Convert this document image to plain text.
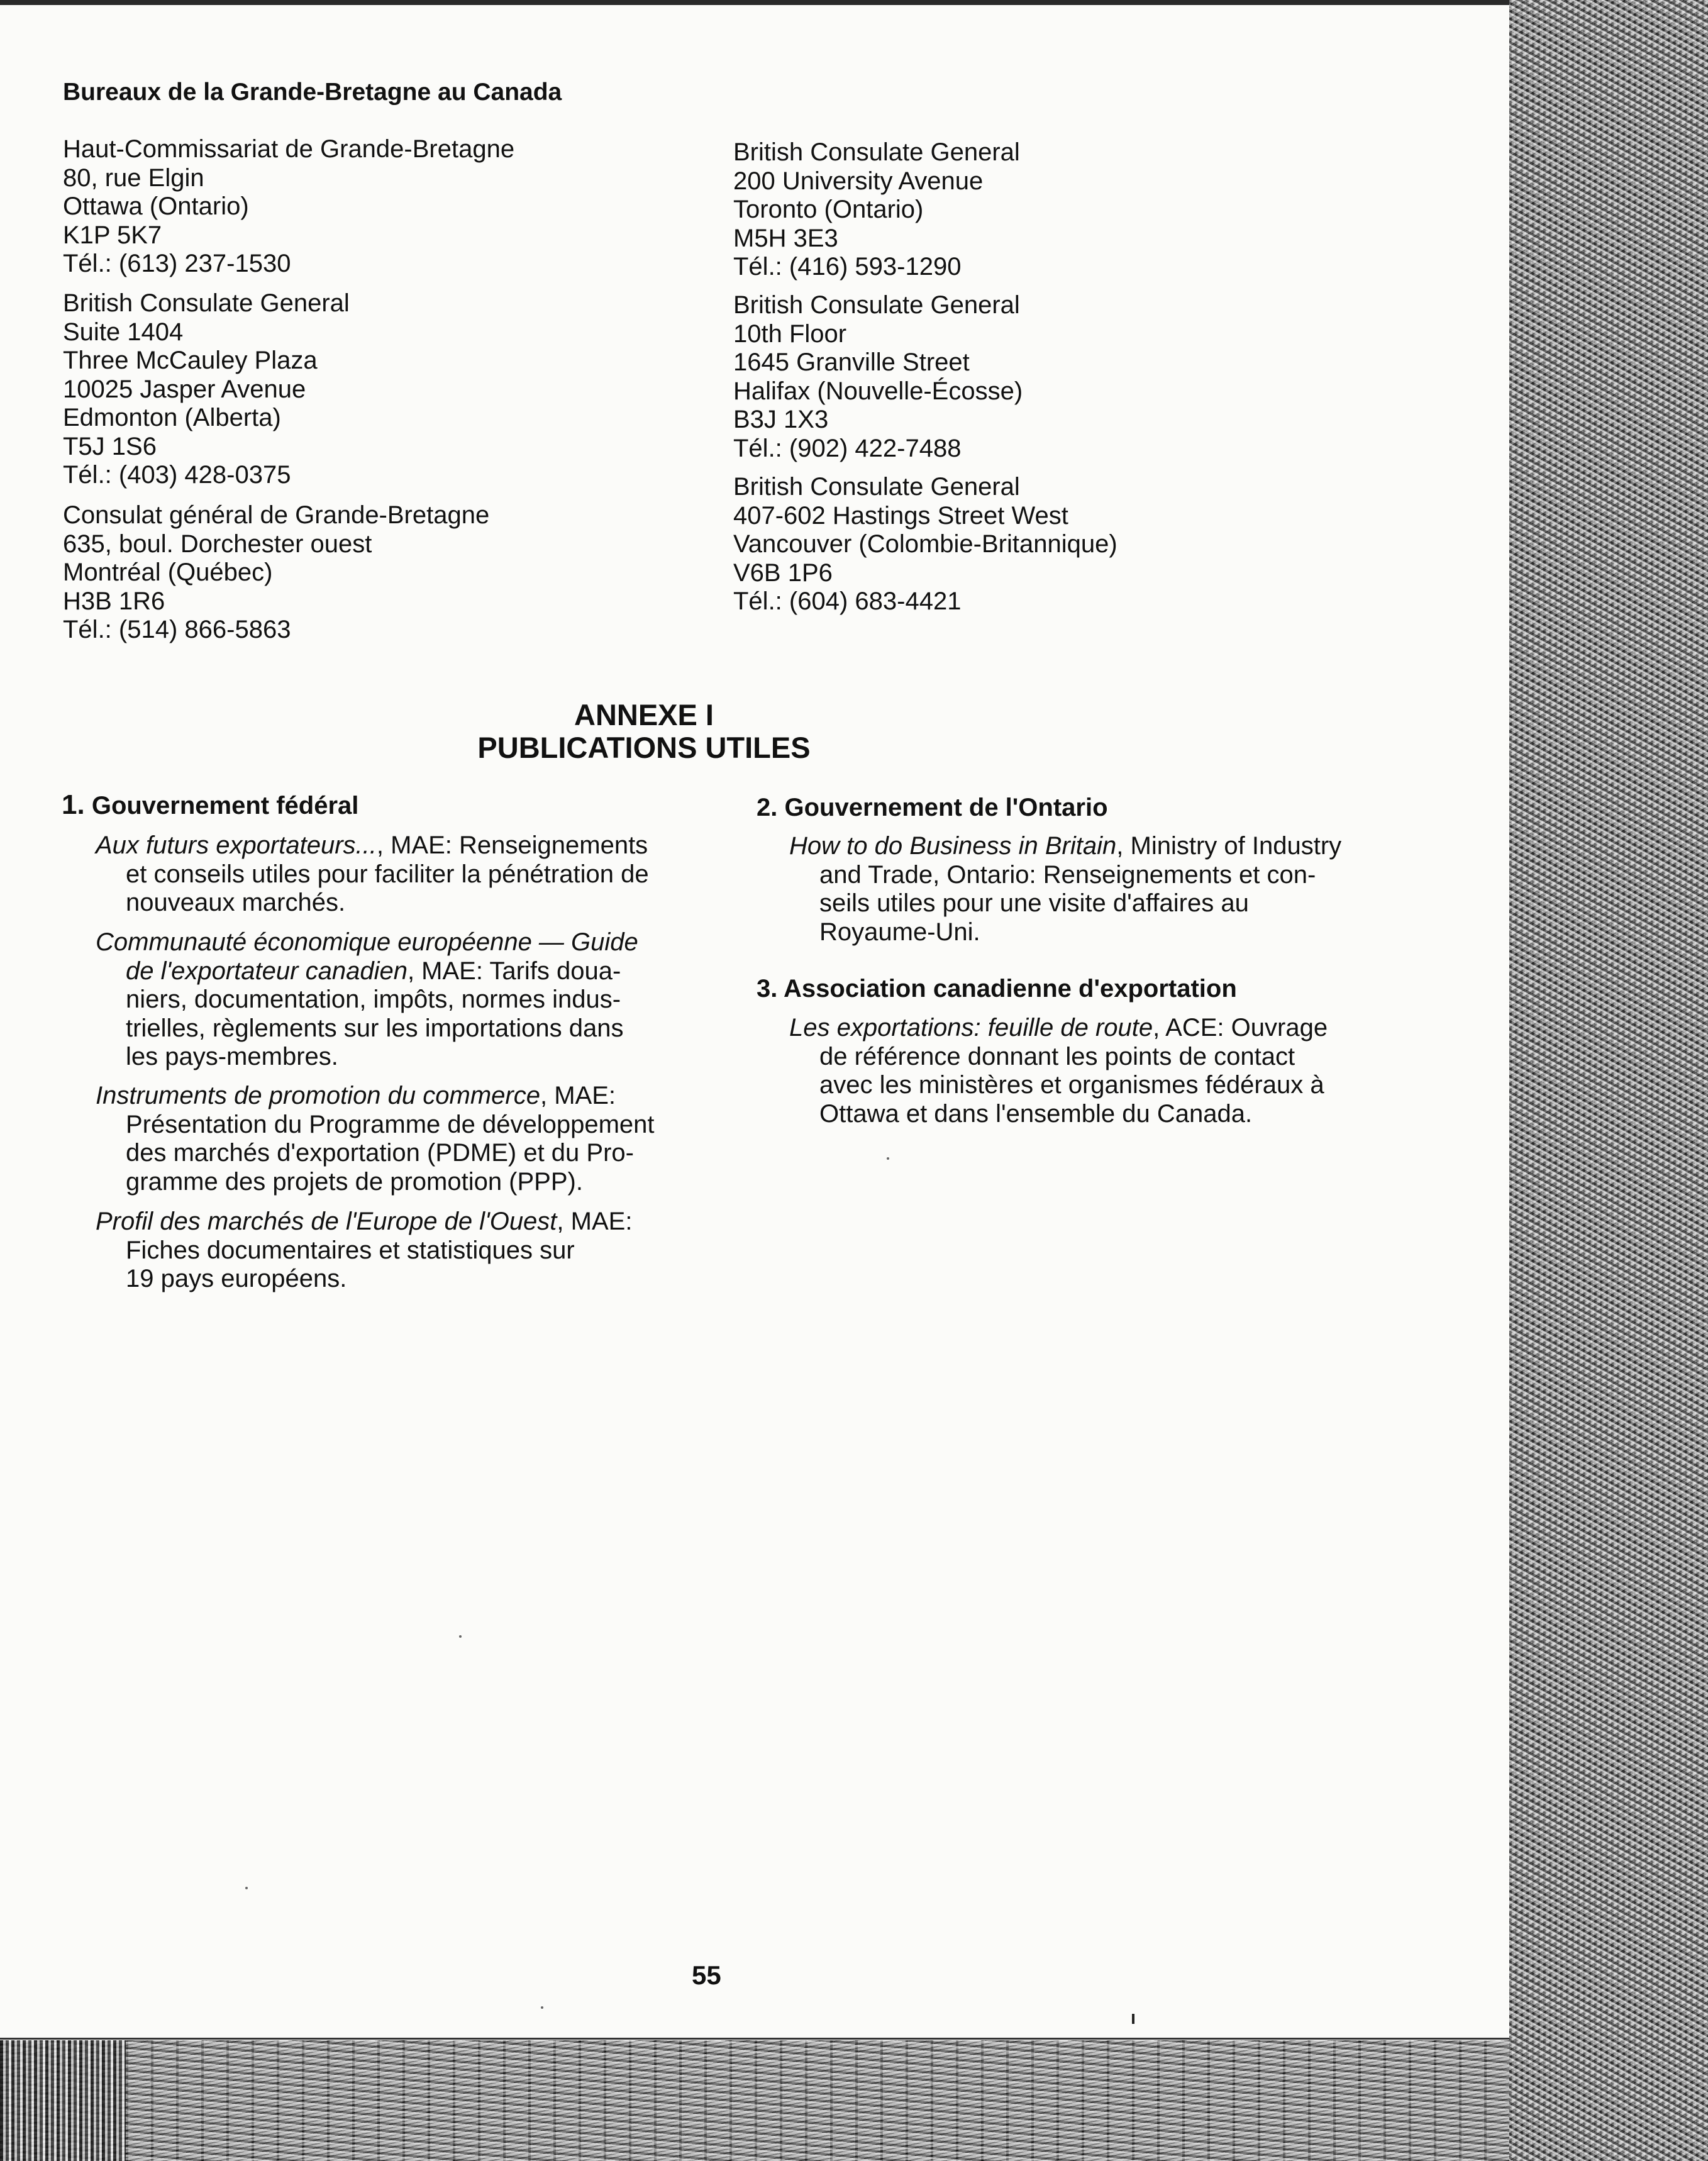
Bureaux de la Grande-Bretagne au Canada
Haut-Commissariat de Grande-Bretagne
80, rue Elgin
Ottawa (Ontario)
K1P 5K7
Tél.: (613) 237-1530
British Consulate General
Suite 1404
Three McCauley Plaza
10025 Jasper Avenue
Edmonton (Alberta)
T5J 1S6
Tél.: (403) 428-0375
Consulat général de Grande-Bretagne
635, boul. Dorchester ouest
Montréal (Québec)
H3B 1R6
Tél.: (514) 866-5863
British Consulate General
200 University Avenue
Toronto (Ontario)
M5H 3E3
Tél.: (416) 593-1290
British Consulate General
10th Floor
1645 Granville Street
Halifax (Nouvelle-Écosse)
B3J 1X3
Tél.: (902) 422-7488
British Consulate General
407-602 Hastings Street West
Vancouver (Colombie-Britannique)
V6B 1P6
Tél.: (604) 683-4421
ANNEXE I
PUBLICATIONS UTILES
1. Gouvernement fédéral
Aux futurs exportateurs..., MAE: Renseignements
et conseils utiles pour faciliter la pénétration de
nouveaux marchés.
Communauté économique européenne — Guide
de l'exportateur canadien, MAE: Tarifs doua-
niers, documentation, impôts, normes indus-
trielles, règlements sur les importations dans
les pays-membres.
Instruments de promotion du commerce, MAE:
Présentation du Programme de développement
des marchés d'exportation (PDME) et du Pro-
gramme des projets de promotion (PPP).
Profil des marchés de l'Europe de l'Ouest, MAE:
Fiches documentaires et statistiques sur
19 pays européens.
2. Gouvernement de l'Ontario
How to do Business in Britain, Ministry of Industry
and Trade, Ontario: Renseignements et con-
seils utiles pour une visite d'affaires au
Royaume-Uni.
3. Association canadienne d'exportation
Les exportations: feuille de route, ACE: Ouvrage
de référence donnant les points de contact
avec les ministères et organismes fédéraux à
Ottawa et dans l'ensemble du Canada.
55
